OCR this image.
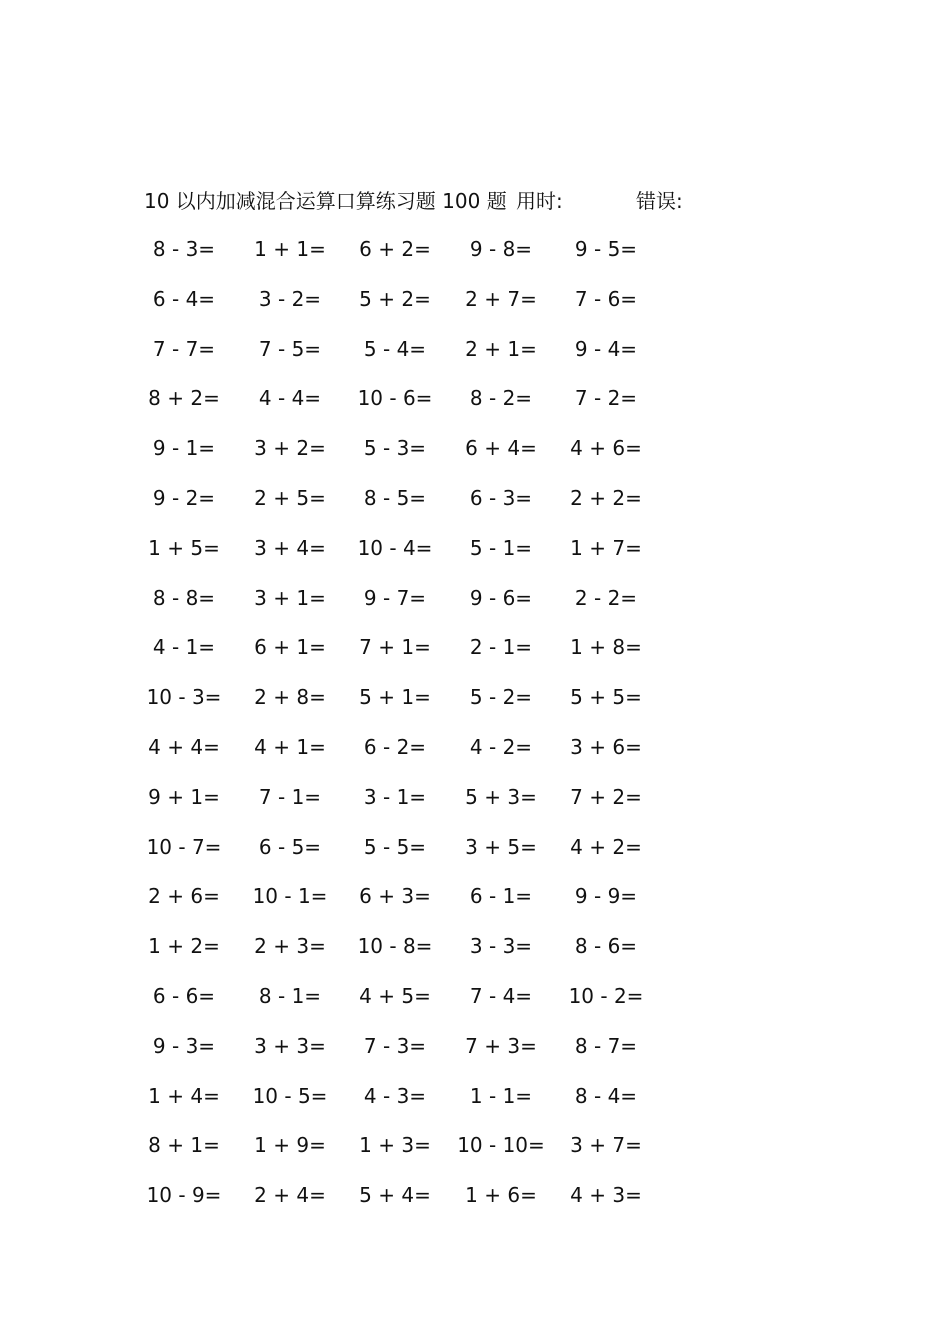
10 以内加减混合运算口算练习题 100 题 用时:	错误:
8 - 3=	1 + 1=	6 + 2=	9 - 8=	9 - 5=
6 - 4=	3 - 2=	5 + 2=	2 + 7=	7 - 6=
7 - 7=	7 - 5=	5 - 4=	2 + 1=	9 - 4=
8 + 2=	4 - 4=	10 - 6=	8 - 2=	7 - 2=
9 - 1=	3 + 2=	5 - 3=	6 + 4=	4 + 6=
9 - 2=	2 + 5=	8 - 5=	6 - 3=	2 + 2=
1 + 5=	3 + 4=	10 - 4=	5 - 1=	1 + 7=
8 - 8=	3 + 1=	9 - 7=	9 - 6=	2 - 2=
4 - 1=	6 + 1=	7 + 1=	2 - 1=	1 + 8=
10 - 3=	2 + 8=	5 + 1=	5 - 2=	5 + 5=
4 + 4=	4 + 1=	6 - 2=	4 - 2=	3 + 6=
9 + 1=	7 - 1=	3 - 1=	5 + 3=	7 + 2=
10 - 7=	6 - 5=	5 - 5=	3 + 5=	4 + 2=
2 + 6=	10 - 1=	6 + 3=	6 - 1=	9 - 9=
1 + 2=	2 + 3=	10 - 8=	3 - 3=	8 - 6=
6 - 6=	8 - 1=	4 + 5=	7 - 4=	10 - 2=
9 - 3=	3 + 3=	7 - 3=	7 + 3=	8 - 7=
1 + 4=	10 - 5=	4 - 3=	1 - 1=	8 - 4=
8 + 1=	1 + 9=	1 + 3=	10 - 10=	3 + 7=
10 - 9=	2 + 4=	5 + 4=	1 + 6=	4 + 3=
